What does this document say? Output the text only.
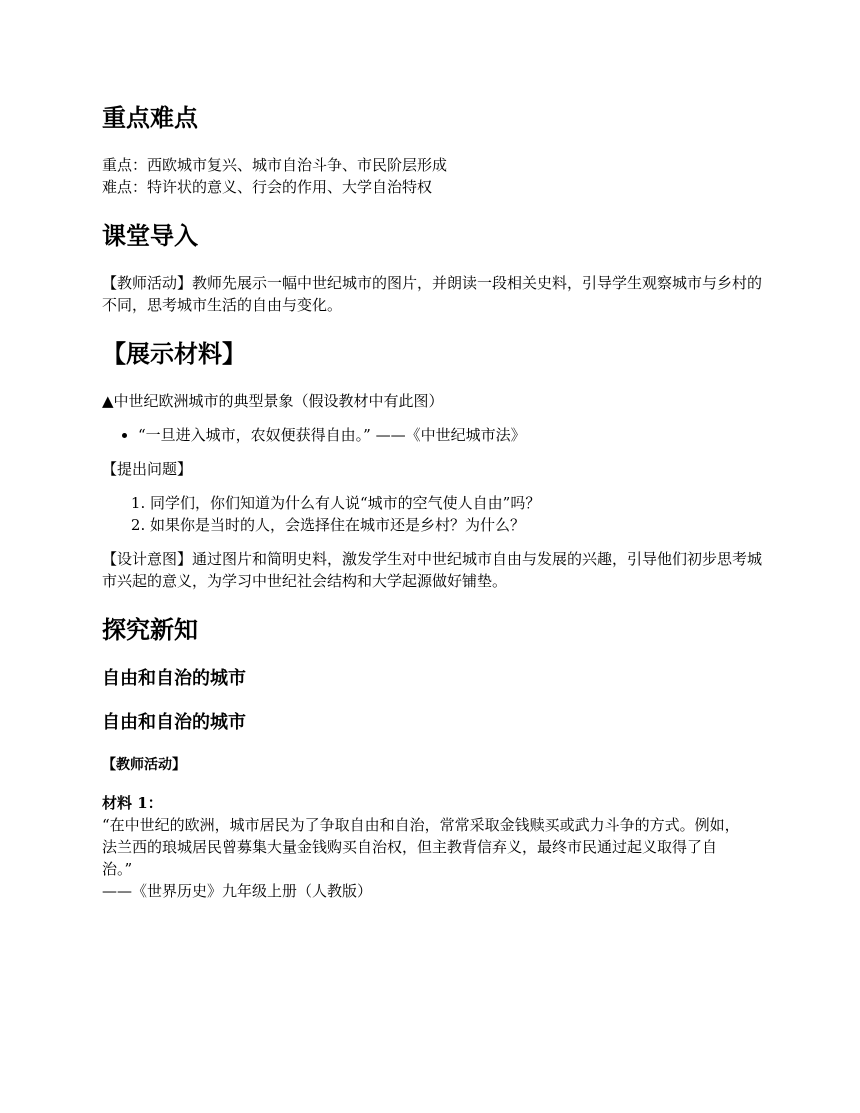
重点难点

重点：西欧城市复兴、城市自治斗争、市民阶层形成

难点：特许状的意义、行会的作用、大学自治特权

课堂导入

【教师活动】教师先展示一幅中世纪城市的图片，并朗读一段相关史料，引导学生观察城市与乡村的不同，思考城市生活的自由与变化。

【展示材料】

▲中世纪欧洲城市的典型景象（假设教材中有此图）

• “一旦进入城市，农奴便获得自由。” ——《中世纪城市法》

【提出问题】

1. 同学们，你们知道为什么有人说“城市的空气使人自由”吗？
2. 如果你是当时的人，会选择住在城市还是乡村？为什么？

【设计意图】通过图片和简明史料，激发学生对中世纪城市自由与发展的兴趣，引导他们初步思考城市兴起的意义，为学习中世纪社会结构和大学起源做好铺垫。

探究新知
自由和自治的城市
自由和自治的城市

【教师活动】

材料 1：

“在中世纪的欧洲，城市居民为了争取自由和自治，常常采取金钱赎买或武力斗争的方式。例如，法兰西的琅城居民曾募集大量金钱购买自治权，但主教背信弃义，最终市民通过起义取得了自治。”

——《世界历史》九年级上册（人教版）
